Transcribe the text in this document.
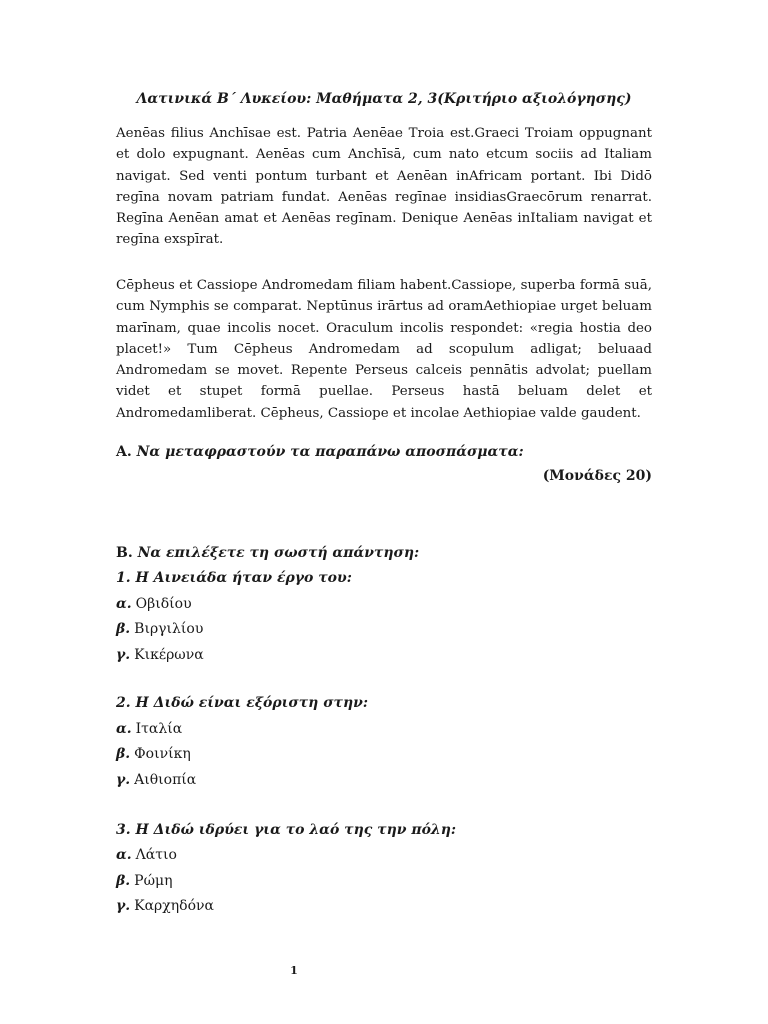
Λατινικά Β΄ Λυκείου: Μαθήματα 2, 3(Κριτήριο αξιολόγησης)

Aenēas filius Anchīsae est. Patria Aenēae Troia est.Graeci Troiam oppugnant et dolo expugnant. Aenēas cum Anchīsā, cum nato etcum sociis ad Italiam navigat. Sed venti pontum turbant et Aenēan inAfricam portant. Ibi Didō regīna novam patriam fundat. Aenēas regīnae insidiasGraecōrum renarrat. Regīna Aenēan amat et Aenēas regīnam. Denique Aenēas inItaliam navigat et regīna exspīrat.

Cēpheus et Cassiope Andromedam filiam habent.Cassiope, superba formā suā, cum Nymphis se comparat. Neptūnus irārtus ad oramAethiopiae urget beluam marīnam, quae incolis nocet. Oraculum incolis respondet: «regia hostia deo placet!» Tum Cēpheus Andromedam ad scopulum adligat; beluaad Andromedam se movet. Repente Perseus calceis pennātis advolat; puellam videt et stupet formā puellae. Perseus hastā beluam delet et Andromedamliberat. Cēpheus, Cassiope et incolae Aethiopiae valde gaudent.

Α. Να μεταφραστούν τα παραπάνω αποσπάσματα:
(Μονάδες 20)
Β. Να επιλέξετε τη σωστή απάντηση:
1. Η Αινειάδα ήταν έργο του:
α. Οβιδίου
β. Βιργιλίου
γ. Κικέρωνα
2. Η Διδώ είναι εξόριστη στην:
α. Ιταλία
β. Φοινίκη
γ. Αιθιοπία
3. Η Διδώ ιδρύει για το λαό της την πόλη:
α. Λάτιο
β. Ρώμη
γ. Καρχηδόνα
1
